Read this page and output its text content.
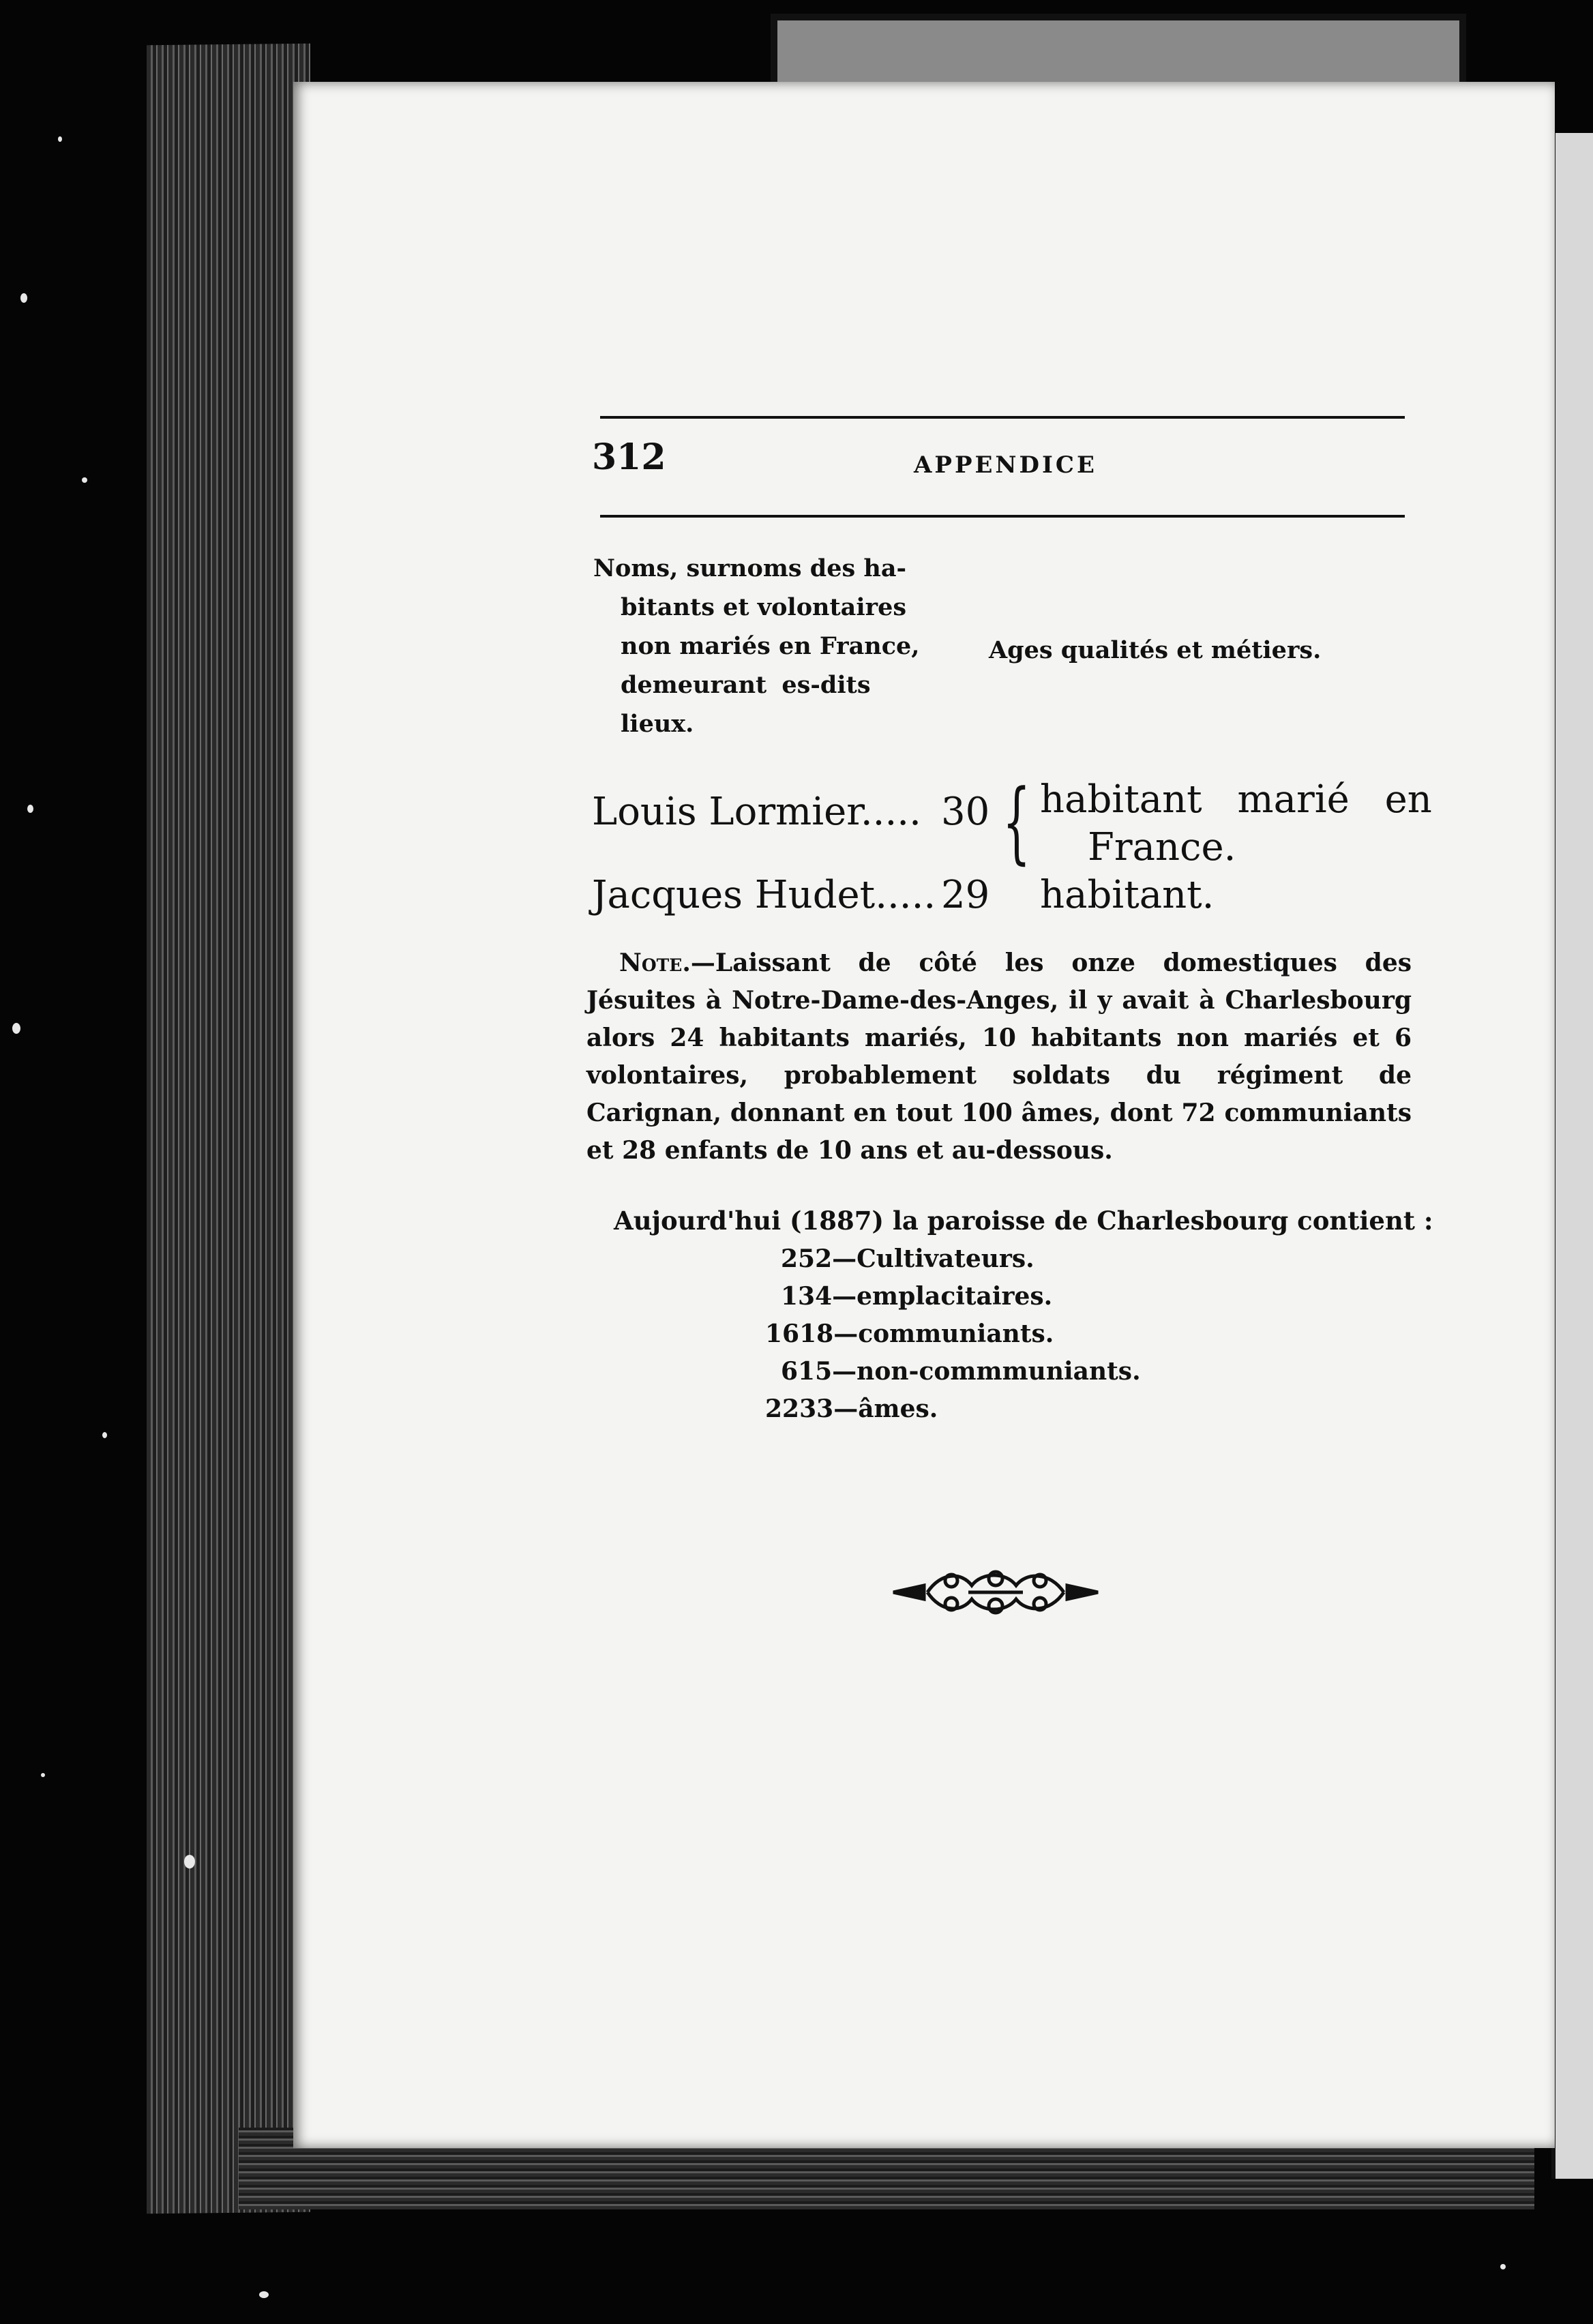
312	APPENDICE
Noms, surnoms des ha-
bitants et volontaires
non mariés en France,
demeurant es-dits
lieux.
Ages qualités et métiers.
Louis Lormier..... 30 { habitant marié en
France.
Jacques Hudet..... 29 habitant.
Note.—Laissant de côté les onze domestiques des Jésuites à Notre-Dame-des-Anges, il y avait à Charlesbourg alors 24 habitants mariés, 10 habitants non mariés et 6 volontaires, probablement soldats du régiment de Carignan, donnant en tout 100 âmes, dont 72 communiants et 28 enfants de 10 ans et au-dessous.
Aujourd'hui (1887) la paroisse de Charlesbourg contient :
252—Cultivateurs.
134—emplacitaires.
1618—communiants.
615—non-commmuniants.
2233—âmes.
